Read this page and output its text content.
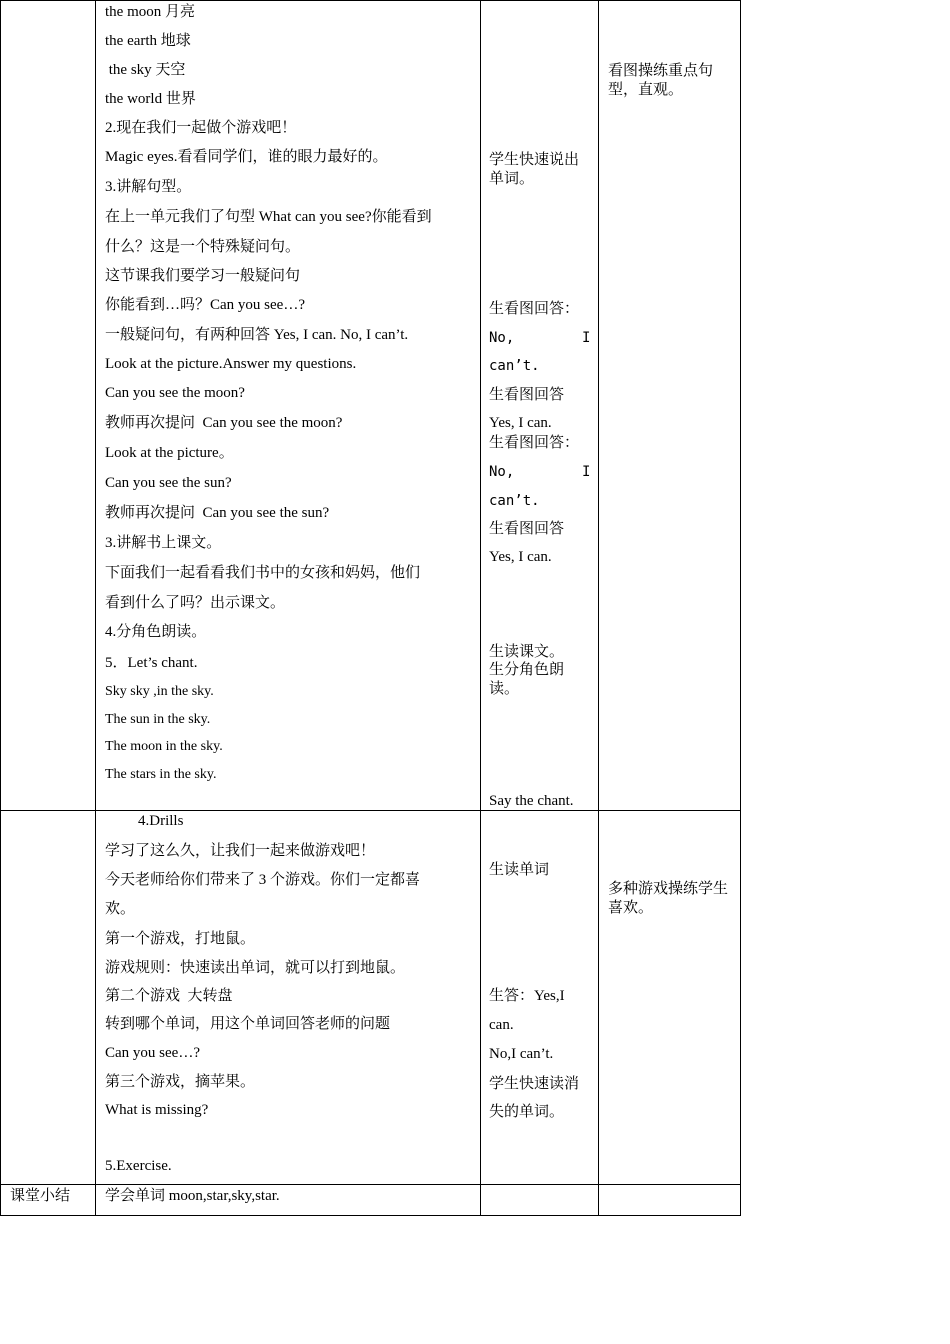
the moon 月亮
the earth 地球
the sky 天空
the world 世界
2.现在我们一起做个游戏吧！
Magic eyes.看看同学们，谁的眼力最好的。
3.讲解句型。
在上一单元我们了句型 What can you see?你能看到
什么？这是一个特殊疑问句。
这节课我们要学习一般疑问句
你能看到…吗？Can you see…?
一般疑问句，有两种回答 Yes, I can. No, I can’t.
Look at the picture.Answer my questions.
Can you see the moon?
教师再次提问  Can you see the moon?
Look at the picture。
Can you see the sun?
教师再次提问  Can you see the sun?
3.讲解书上课文。
下面我们一起看看我们书中的女孩和妈妈，他们
看到什么了吗？出示课文。
4.分角色朗读。
5．Let’s chant.
Sky sky ,in the sky.
The sun in the sky.
The moon in the sky.
The stars in the sky.
学生快速说出单词。
生看图回答：
No,	I
can’t.
生看图回答
Yes, I can.
生看图回答：
No,	I
can’t.
生看图回答
Yes, I can.
生读课文。
生分角色朗读。
Say the chant.
看图操练重点句型，直观。
4.Drills
学习了这么久，让我们一起来做游戏吧！
今天老师给你们带来了 3 个游戏。你们一定都喜
欢。
第一个游戏，打地鼠。
游戏规则：快速读出单词，就可以打到地鼠。
第二个游戏  大转盘
转到哪个单词，用这个单词回答老师的问题
Can you see…?
第三个游戏，摘苹果。
What is missing?
5.Exercise.
生读单词
生答：Yes,I
can.
No,I can’t.
学生快速读消
失的单词。
多种游戏操练学生喜欢。
课堂小结 学会单词 moon,star,sky,star.
